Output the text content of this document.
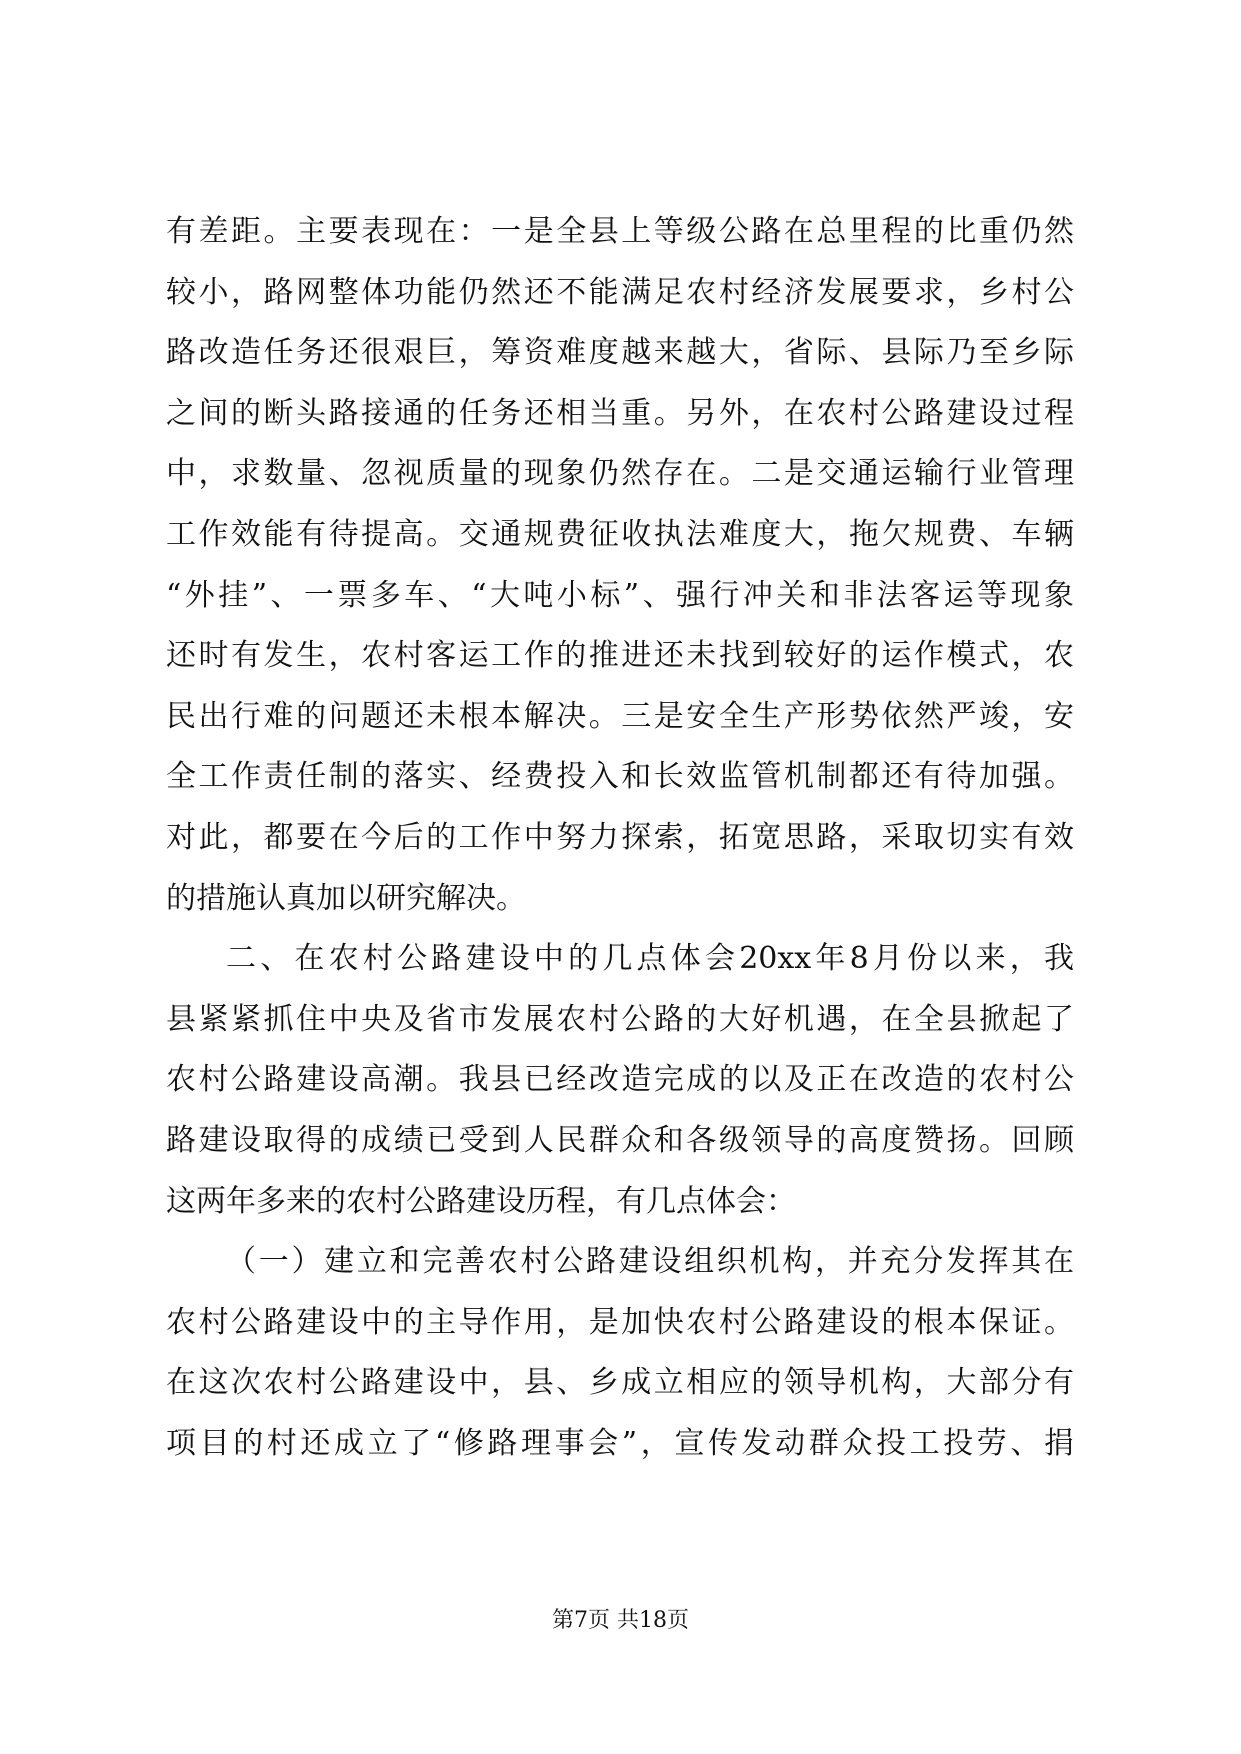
有差距。主要表现在：一是全县上等级公路在总里程的比重仍然
较小，路网整体功能仍然还不能满足农村经济发展要求，乡村公
路改造任务还很艰巨，筹资难度越来越大，省际、县际乃至乡际
之间的断头路接通的任务还相当重。另外，在农村公路建设过程
中，求数量、忽视质量的现象仍然存在。二是交通运输行业管理
工作效能有待提高。交通规费征收执法难度大，拖欠规费、车辆
“外挂”、一票多车、“大吨小标”、强行冲关和非法客运等现象
还时有发生，农村客运工作的推进还未找到较好的运作模式，农
民出行难的问题还未根本解决。三是安全生产形势依然严竣，安
全工作责任制的落实、经费投入和长效监管机制都还有待加强。
对此，都要在今后的工作中努力探索，拓宽思路，采取切实有效
的措施认真加以研究解决。
二、在农村公路建设中的几点体会20xx年8月份以来，我
县紧紧抓住中央及省市发展农村公路的大好机遇，在全县掀起了
农村公路建设高潮。我县已经改造完成的以及正在改造的农村公
路建设取得的成绩已受到人民群众和各级领导的高度赞扬。回顾
这两年多来的农村公路建设历程，有几点体会：
（一）建立和完善农村公路建设组织机构，并充分发挥其在
农村公路建设中的主导作用，是加快农村公路建设的根本保证。
在这次农村公路建设中，县、乡成立相应的领导机构，大部分有
项目的村还成立了“修路理事会”，宣传发动群众投工投劳、捐
第7页 共18页
